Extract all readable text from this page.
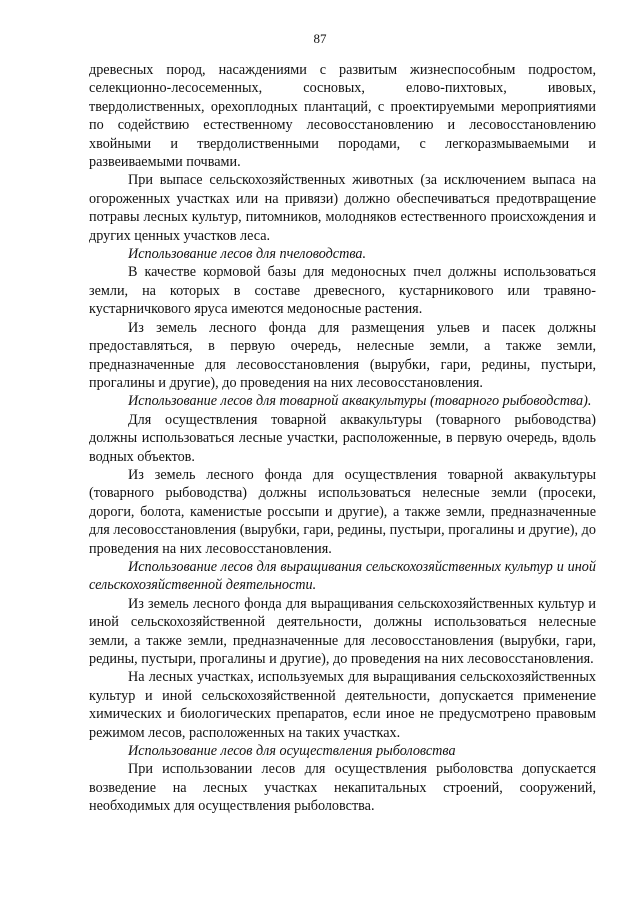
87

древесных пород, насаждениями с развитым жизнеспособным подростом, селекционно-лесосеменных, сосновых, елово-пихтовых, ивовых, твердолиственных, орехоплодных плантаций, с проектируемыми мероприятиями по содействию естественному лесовосстановлению и лесовосстановлению хвойными и твердолиственными породами, с легкоразмываемыми и развеиваемыми почвами.

При выпасе сельскохозяйственных животных (за исключением выпаса на огороженных участках или на привязи) должно обеспечиваться предотвращение потравы лесных культур, питомников, молодняков естественного происхождения и других ценных участков леса.

Использование лесов для пчеловодства.

В качестве кормовой базы для медоносных пчел должны использоваться земли, на которых в составе древесного, кустарникового или травяно-кустарничкового яруса имеются медоносные растения.

Из земель лесного фонда для размещения ульев и пасек должны предоставляться, в первую очередь, нелесные земли, а также земли, предназначенные для лесовосстановления (вырубки, гари, редины, пустыри, прогалины и другие), до проведения на них лесовосстановления.

Использование лесов для товарной аквакультуры (товарного рыбоводства).

Для осуществления товарной аквакультуры (товарного рыбоводства) должны использоваться лесные участки, расположенные, в первую очередь, вдоль водных объектов.

Из земель лесного фонда для осуществления товарной аквакультуры (товарного рыбоводства) должны использоваться нелесные земли (просеки, дороги, болота, каменистые россыпи и другие), а также земли, предназначенные для лесовосстановления (вырубки, гари, редины, пустыри, прогалины и другие), до проведения на них лесовосстановления.

Использование лесов для выращивания сельскохозяйственных культур и иной сельскохозяйственной деятельности.

Из земель лесного фонда для выращивания сельскохозяйственных культур и иной сельскохозяйственной деятельности, должны использоваться нелесные земли, а также земли, предназначенные для лесовосстановления (вырубки, гари, редины, пустыри, прогалины и другие), до проведения на них лесовосстановления.

На лесных участках, используемых для выращивания сельскохозяйственных культур и иной сельскохозяйственной деятельности, допускается применение химических и биологических препаратов, если иное не предусмотрено правовым режимом лесов, расположенных на таких участках.

Использование лесов для осуществления рыболовства

При использовании лесов для осуществления рыболовства допускается возведение на лесных участках некапитальных строений, сооружений, необходимых для осуществления рыболовства.
